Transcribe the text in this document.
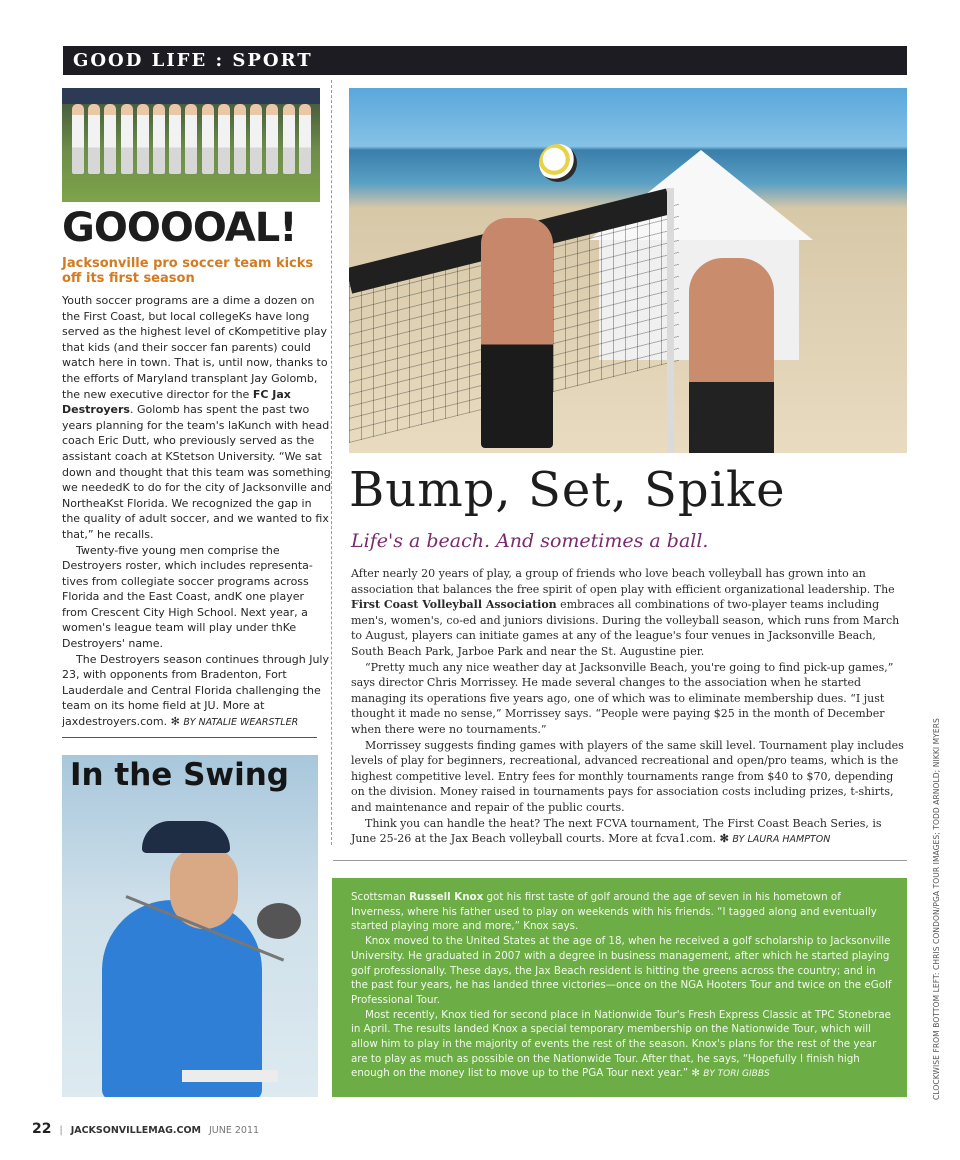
GOOD LIFE : SPORT
GOOOOAL!
Jacksonville pro soccer team kicks off its first season

Youth soccer programs are a dime a dozen on the First Coast, but local collegeKs have long served as the highest level of cKompetitive play that kids (and their soccer fan parents) could watch here in town. That is, until now, thanks to the efforts of Maryland transplant Jay Golomb, the new executive director for the FC Jax Destroyers. Golomb has spent the past two years planning for the team's laKunch with head coach Eric Dutt, who previously served as the assistant coach at KStetson University. “We sat down and thought that this team was something we neededK to do for the city of Jacksonville and NortheaKst Florida. We recognized the gap in the quality of adult soccer, and we wanted to fix that,” he recalls.

Twenty-five young men comprise the Destroyers roster, which includes representa-tives from collegiate soccer programs across Florida and the East Coast, andK one player from Crescent City High School. Next year, a women's league team will play under thKe Destroyers' name.

The Destroyers season continues through July 23, with opponents from Bradenton, Fort Lauderdale and Central Florida challenging the team on its home field at JU. More at jaxdestroyers.com. ✻ BY NATALIE WEARSTLER

In the Swing
Bump, Set, Spike
Life's a beach. And sometimes a ball.

After nearly 20 years of play, a group of friends who love beach volleyball has grown into an association that balances the free spirit of open play with efficient organizational leadership. The First Coast Volleyball Association embraces all combinations of two-player teams including men's, women's, co-ed and juniors divisions. During the volleyball season, which runs from March to August, players can initiate games at any of the league's four venues in Jacksonville Beach, South Beach Park, Jarboe Park and near the St. Augustine pier.

“Pretty much any nice weather day at Jacksonville Beach, you're going to find pick-up games,” says director Chris Morrissey. He made several changes to the association when he started managing its operations five years ago, one of which was to eliminate membership dues. “I just thought it made no sense,” Morrissey says. “People were paying $25 in the month of December when there were no tournaments.”

Morrissey suggests finding games with players of the same skill level. Tournament play includes levels of play for beginners, recreational, advanced recreational and open/pro teams, which is the highest competitive level. Entry fees for monthly tournaments range from $40 to $70, depending on the division. Money raised in tournaments pays for association costs including prizes, t-shirts, and maintenance and repair of the public courts.

Think you can handle the heat? The next FCVA tournament, The First Coast Beach Series, is June 25-26 at the Jax Beach volleyball courts. More at fcva1.com. ✻ BY LAURA HAMPTON

Scottsman Russell Knox got his first taste of golf around the age of seven in his hometown of Inverness, where his father used to play on weekends with his friends. “I tagged along and eventually started playing more and more,” Knox says.

Knox moved to the United States at the age of 18, when he received a golf scholarship to Jacksonville University. He graduated in 2007 with a degree in business management, after which he started playing golf professionally. These days, the Jax Beach resident is hitting the greens across the country; and in the past four years, he has landed three victories—once on the NGA Hooters Tour and twice on the eGolf Professional Tour.

Most recently, Knox tied for second place in Nationwide Tour's Fresh Express Classic at TPC Stonebrae in April. The results landed Knox a special temporary membership on the Nationwide Tour, which will allow him to play in the majority of events the rest of the season. Knox's plans for the rest of the year are to play as much as possible on the Nationwide Tour. After that, he says, “Hopefully I finish high enough on the money list to move up to the PGA Tour next year.” ✻ BY TORI GIBBS	CLOCKWISE FROM BOTTOM LEFT: CHRIS CONDON/PGA TOUR IMAGES; TODD ARNOLD; NIKKI MYERS
22 | JACKSONVILLEMAG.COM JUNE 2011
